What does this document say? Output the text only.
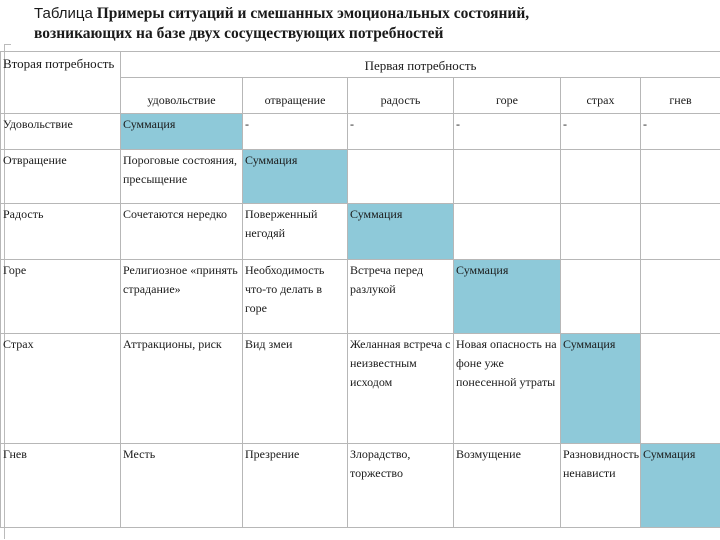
Таблица Примеры ситуаций и смешанных эмоциональных состояний,
возникающих на базе двух сосуществующих потребностей
Вторая потребность	Первая потребность					
	удовольствие	отвращение	радость	горе	страх	гнев
Удовольствие	Суммация	-	-	-	-	-
Отвращение	Пороговые состояния, пресыщение	Суммация				
Радость	Сочетаются нередко	Поверженный негодяй	Суммация			
Горе	Религиозное «принять страдание»	Необходимость что-то делать в горе	Встреча перед разлукой	Суммация		
Страх	Аттракционы, риск	Вид змеи	Желанная встреча с неизвестным исходом	Новая опасность на фоне уже понесенной утраты	Суммация	
Гнев	Месть	Презрение	Злорадство, торжество	Возмущение	Разновидность ненависти	Суммация
